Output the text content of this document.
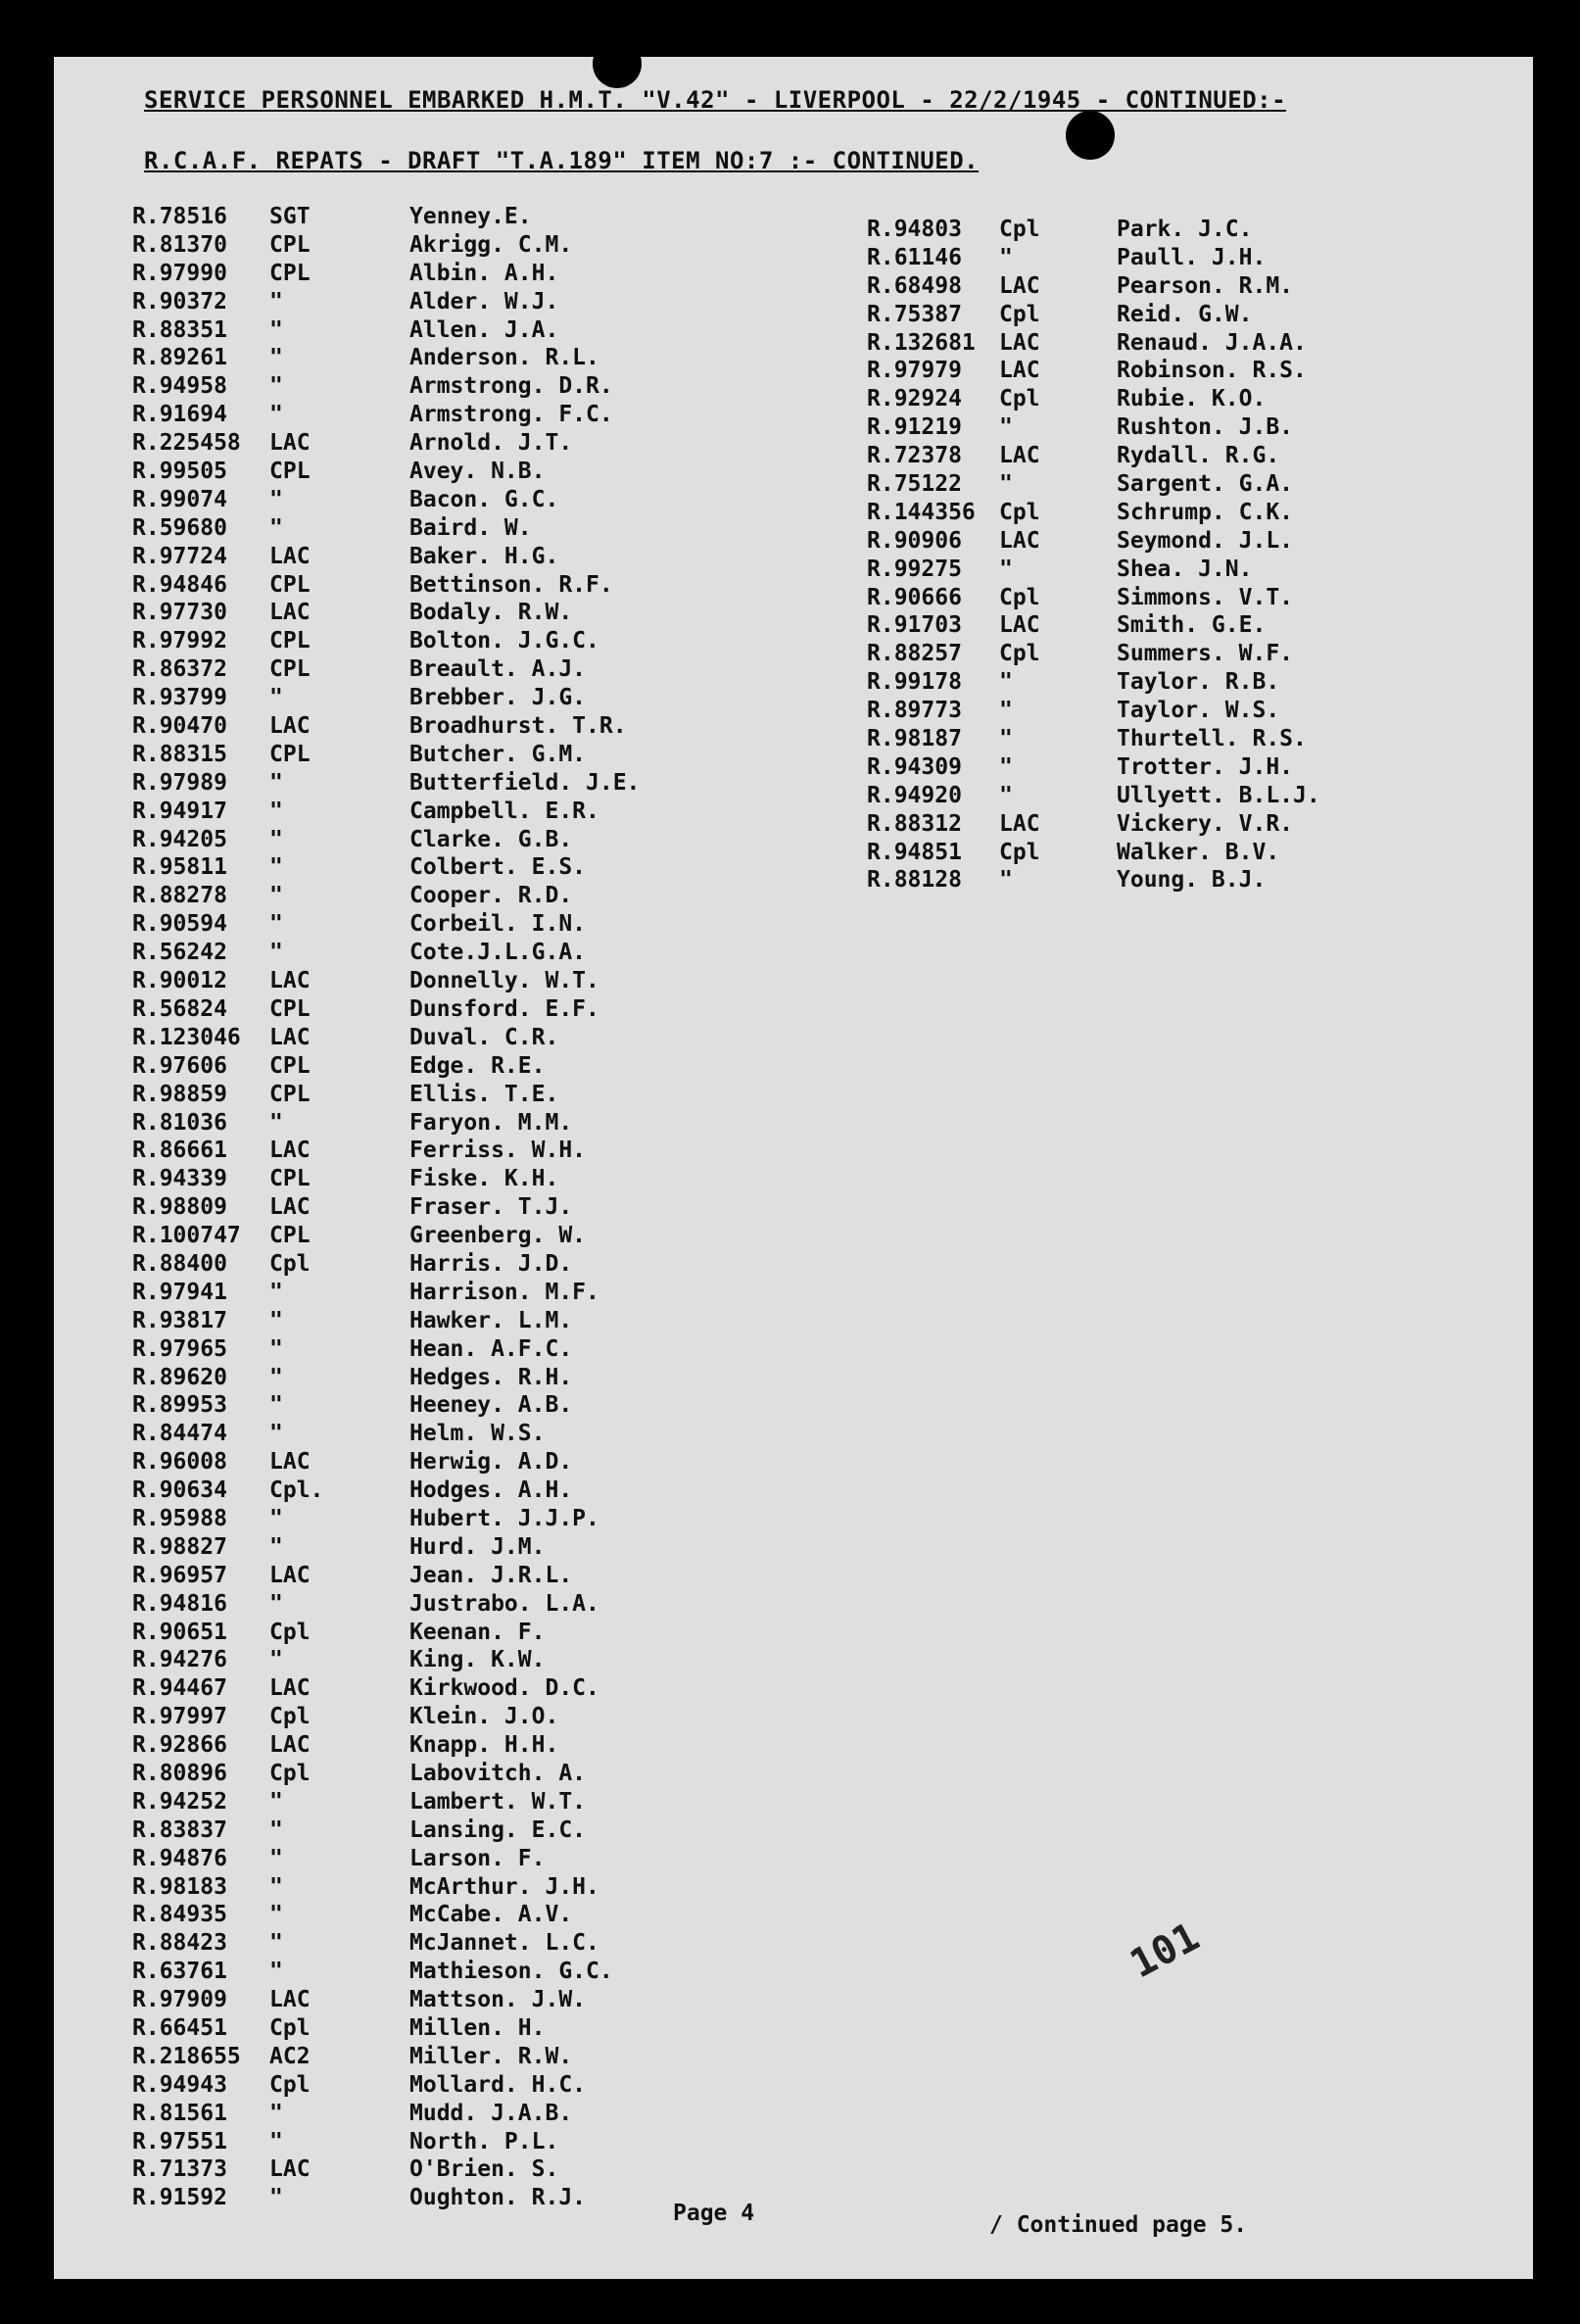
SERVICE PERSONNEL EMBARKED H.M.T. "V.42" - LIVERPOOL - 22/2/1945 - CONTINUED:-
R.C.A.F. REPATS - DRAFT "T.A.189" ITEM NO:7 :- CONTINUED.
R.78516 SGT	Yenney.E.
R.81370 CPL	Akrigg. C.M.
R.97990 CPL	Albin. A.H.
R.90372 "	Alder. W.J.
R.88351 "	Allen. J.A.
R.89261 "	Anderson. R.L.
R.94958 "	Armstrong. D.R.
R.91694 "	Armstrong. F.C.
R.225458 LAC	Arnold. J.T.
R.99505 CPL	Avey. N.B.
R.99074 "	Bacon. G.C.
R.59680 "	Baird. W.
R.97724 LAC	Baker. H.G.
R.94846 CPL	Bettinson. R.F.
R.97730 LAC	Bodaly. R.W.
R.97992 CPL	Bolton. J.G.C.
R.86372 CPL	Breault. A.J.
R.93799 "	Brebber. J.G.
R.90470 LAC	Broadhurst. T.R.
R.88315 CPL	Butcher. G.M.
R.97989 "	Butterfield. J.E.
R.94917 "	Campbell. E.R.
R.94205 "	Clarke. G.B.
R.95811 "	Colbert. E.S.
R.88278 "	Cooper. R.D.
R.90594 "	Corbeil. I.N.
R.56242 "	Cote.J.L.G.A.
R.90012 LAC	Donnelly. W.T.
R.56824 CPL	Dunsford. E.F.
R.123046 LAC	Duval. C.R.
R.97606 CPL	Edge. R.E.
R.98859 CPL	Ellis. T.E.
R.81036 "	Faryon. M.M.
R.86661 LAC	Ferriss. W.H.
R.94339 CPL	Fiske. K.H.
R.98809 LAC	Fraser. T.J.
R.100747 CPL	Greenberg. W.
R.88400 Cpl	Harris. J.D.
R.97941 "	Harrison. M.F.
R.93817 "	Hawker. L.M.
R.97965 "	Hean. A.F.C.
R.89620 "	Hedges. R.H.
R.89953 "	Heeney. A.B.
R.84474 "	Helm. W.S.
R.96008 LAC	Herwig. A.D.
R.90634 Cpl.	Hodges. A.H.
R.95988 "	Hubert. J.J.P.
R.98827 "	Hurd. J.M.
R.96957 LAC	Jean. J.R.L.
R.94816 "	Justrabo. L.A.
R.90651 Cpl	Keenan. F.
R.94276 "	King. K.W.
R.94467 LAC	Kirkwood. D.C.
R.97997 Cpl	Klein. J.O.
R.92866 LAC	Knapp. H.H.
R.80896 Cpl	Labovitch. A.
R.94252 "	Lambert. W.T.
R.83837 "	Lansing. E.C.
R.94876 "	Larson. F.
R.98183 "	McArthur. J.H.
R.84935 "	McCabe. A.V.
R.88423 "	McJannet. L.C.
R.63761 "	Mathieson. G.C.
R.97909 LAC	Mattson. J.W.
R.66451 Cpl	Millen. H.
R.218655 AC2	Miller. R.W.
R.94943 Cpl	Mollard. H.C.
R.81561 "	Mudd. J.A.B.
R.97551 "	North. P.L.
R.71373 LAC	O'Brien. S.
R.91592 "	Oughton. R.J.
R.94803 Cpl	Park. J.C.
R.61146 "	Paull. J.H.
R.68498 LAC	Pearson. R.M.
R.75387 Cpl	Reid. G.W.
R.132681 LAC	Renaud. J.A.A.
R.97979 LAC	Robinson. R.S.
R.92924 Cpl	Rubie. K.O.
R.91219 "	Rushton. J.B.
R.72378 LAC	Rydall. R.G.
R.75122 "	Sargent. G.A.
R.144356 Cpl	Schrump. C.K.
R.90906 LAC	Seymond. J.L.
R.99275 "	Shea. J.N.
R.90666 Cpl	Simmons. V.T.
R.91703 LAC	Smith. G.E.
R.88257 Cpl	Summers. W.F.
R.99178 "	Taylor. R.B.
R.89773 "	Taylor. W.S.
R.98187 "	Thurtell. R.S.
R.94309 "	Trotter. J.H.
R.94920 "	Ullyett. B.L.J.
R.88312 LAC	Vickery. V.R.
R.94851 Cpl	Walker. B.V.
R.88128 "	Young. B.J.
Page 4	/ Continued page 5.
101
